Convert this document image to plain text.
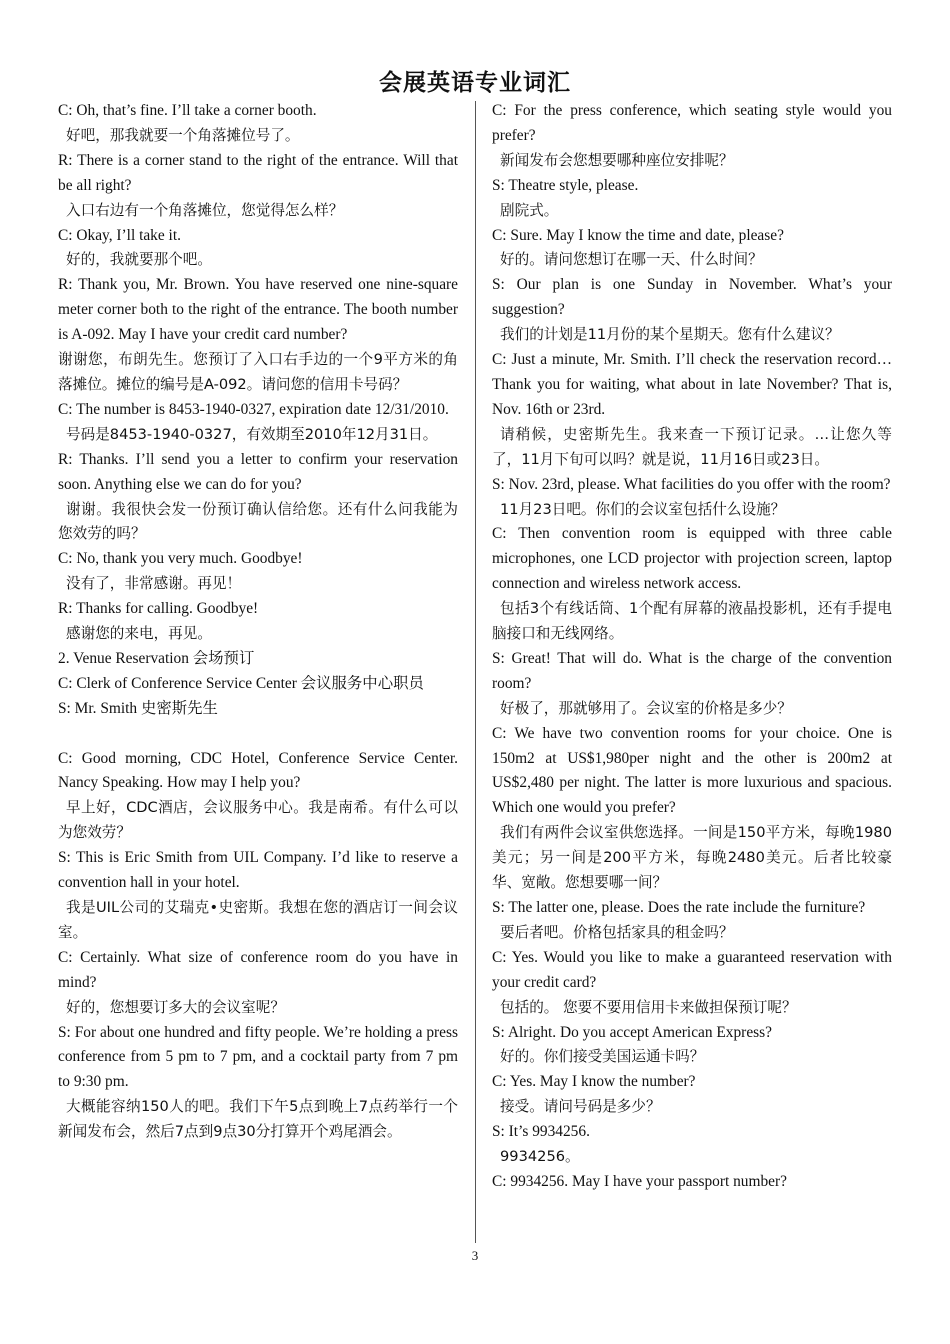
会展英语专业词汇

C: Oh, that’s fine. I’ll take a corner booth.

好吧，那我就要一个角落摊位号了。

R: There is a corner stand to the right of the entrance. Will that be all right?

入口右边有一个角落摊位，您觉得怎么样？

C: Okay, I’ll take it.

好的，我就要那个吧。

R: Thank you, Mr. Brown. You have reserved one nine-square meter corner both to the right of the entrance. The booth number is A-092. May I have your credit card number?

谢谢您，布朗先生。您预订了入口右手边的一个9平方米的角落摊位。摊位的编号是A-092。请问您的信用卡号码？

C: The number is 8453-1940-0327, expiration date 12/31/2010.

号码是8453-1940-0327，有效期至2010年12月31日。

R: Thanks. I’ll send you a letter to confirm your reservation soon. Anything else we can do for you?

谢谢。我很快会发一份预订确认信给您。还有什么问我能为您效劳的吗？

C: No, thank you very much. Goodbye!

没有了，非常感谢。再见！

R: Thanks for calling. Goodbye!

感谢您的来电，再见。

2. Venue Reservation 会场预订

C: Clerk of Conference Service Center 会议服务中心职员

S: Mr. Smith 史密斯先生

C: Good morning, CDC Hotel, Conference Service Center. Nancy Speaking. How may I help you?

早上好，CDC酒店，会议服务中心。我是南希。有什么可以为您效劳？

S: This is Eric Smith from UIL Company. I’d like to reserve a convention hall in your hotel.

我是UIL公司的艾瑞克•史密斯。我想在您的酒店订一间会议室。

C: Certainly. What size of conference room do you have in mind?

好的，您想要订多大的会议室呢？

S: For about one hundred and fifty people. We’re holding a press conference from 5 pm to 7 pm, and a cocktail party from 7 pm to 9:30 pm.

大概能容纳150人的吧。我们下午5点到晚上7点药举行一个新闻发布会，然后7点到9点30分打算开个鸡尾酒会。

C: For the press conference, which seating style would you prefer?

新闻发布会您想要哪种座位安排呢？

S: Theatre style, please.

剧院式。

C: Sure. May I know the time and date, please?

好的。请问您想订在哪一天、什么时间？

S: Our plan is one Sunday in November. What’s your suggestion?

我们的计划是11月份的某个星期天。您有什么建议？

C: Just a minute, Mr. Smith. I’ll check the reservation record…Thank you for waiting, what about in late November? That is, Nov. 16th or 23rd.

请稍候，史密斯先生。我来查一下预订记录。…让您久等了，11月下旬可以吗？就是说，11月16日或23日。

S: Nov. 23rd, please. What facilities do you offer with the room?

11月23日吧。你们的会议室包括什么设施？

C: Then convention room is equipped with three cable microphones, one LCD projector with projection screen, laptop connection and wireless network access.

包括3个有线话筒、1个配有屏幕的液晶投影机，还有手提电脑接口和无线网络。

S: Great! That will do. What is the charge of the convention room?

好极了，那就够用了。会议室的价格是多少？

C: We have two convention rooms for your choice. One is 150m2 at US$1,980per night and the other is 200m2 at US$2,480 per night. The latter is more luxurious and spacious. Which one would you prefer?

我们有两件会议室供您选择。一间是150平方米，每晚1980美元；另一间是200平方米，每晚2480美元。后者比较豪华、宽敞。您想要哪一间？

S: The latter one, please. Does the rate include the furniture?

要后者吧。价格包括家具的租金吗？

C: Yes. Would you like to make a guaranteed reservation with your credit card?

包括的。 您要不要用信用卡来做担保预订呢？

S: Alright. Do you accept American Express?

好的。你们接受美国运通卡吗？

C: Yes. May I know the number?

接受。请问号码是多少？

S: It’s 9934256.

9934256。

C: 9934256. May I have your passport number?

3
